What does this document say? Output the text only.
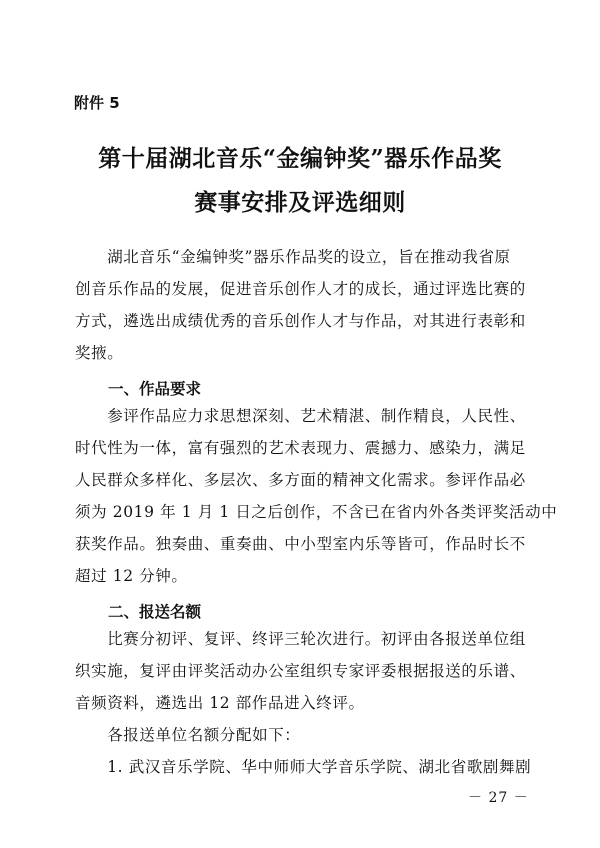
附件 5
第十届湖北音乐“金编钟奖”器乐作品奖
赛事安排及评选细则
　　湖北音乐“金编钟奖”器乐作品奖的设立，旨在推动我省原
创音乐作品的发展，促进音乐创作人才的成长，通过评选比赛的
方式，遴选出成绩优秀的音乐创作人才与作品，对其进行表彰和
奖掖。
一、作品要求
　　参评作品应力求思想深刻、艺术精湛、制作精良，人民性、
时代性为一体，富有强烈的艺术表现力、震撼力、感染力，满足
人民群众多样化、多层次、多方面的精神文化需求。参评作品必
须为 2019 年 1 月 1 日之后创作，不含已在省内外各类评奖活动中
获奖作品。独奏曲、重奏曲、中小型室内乐等皆可，作品时长不
超过 12 分钟。
二、报送名额
　　比赛分初评、复评、终评三轮次进行。初评由各报送单位组
织实施，复评由评奖活动办公室组织专家评委根据报送的乐谱、
音频资料，遴选出 12 部作品进入终评。
　　各报送单位名额分配如下：
　　1. 武汉音乐学院、华中师师大学音乐学院、湖北省歌剧舞剧
－ 27 －
